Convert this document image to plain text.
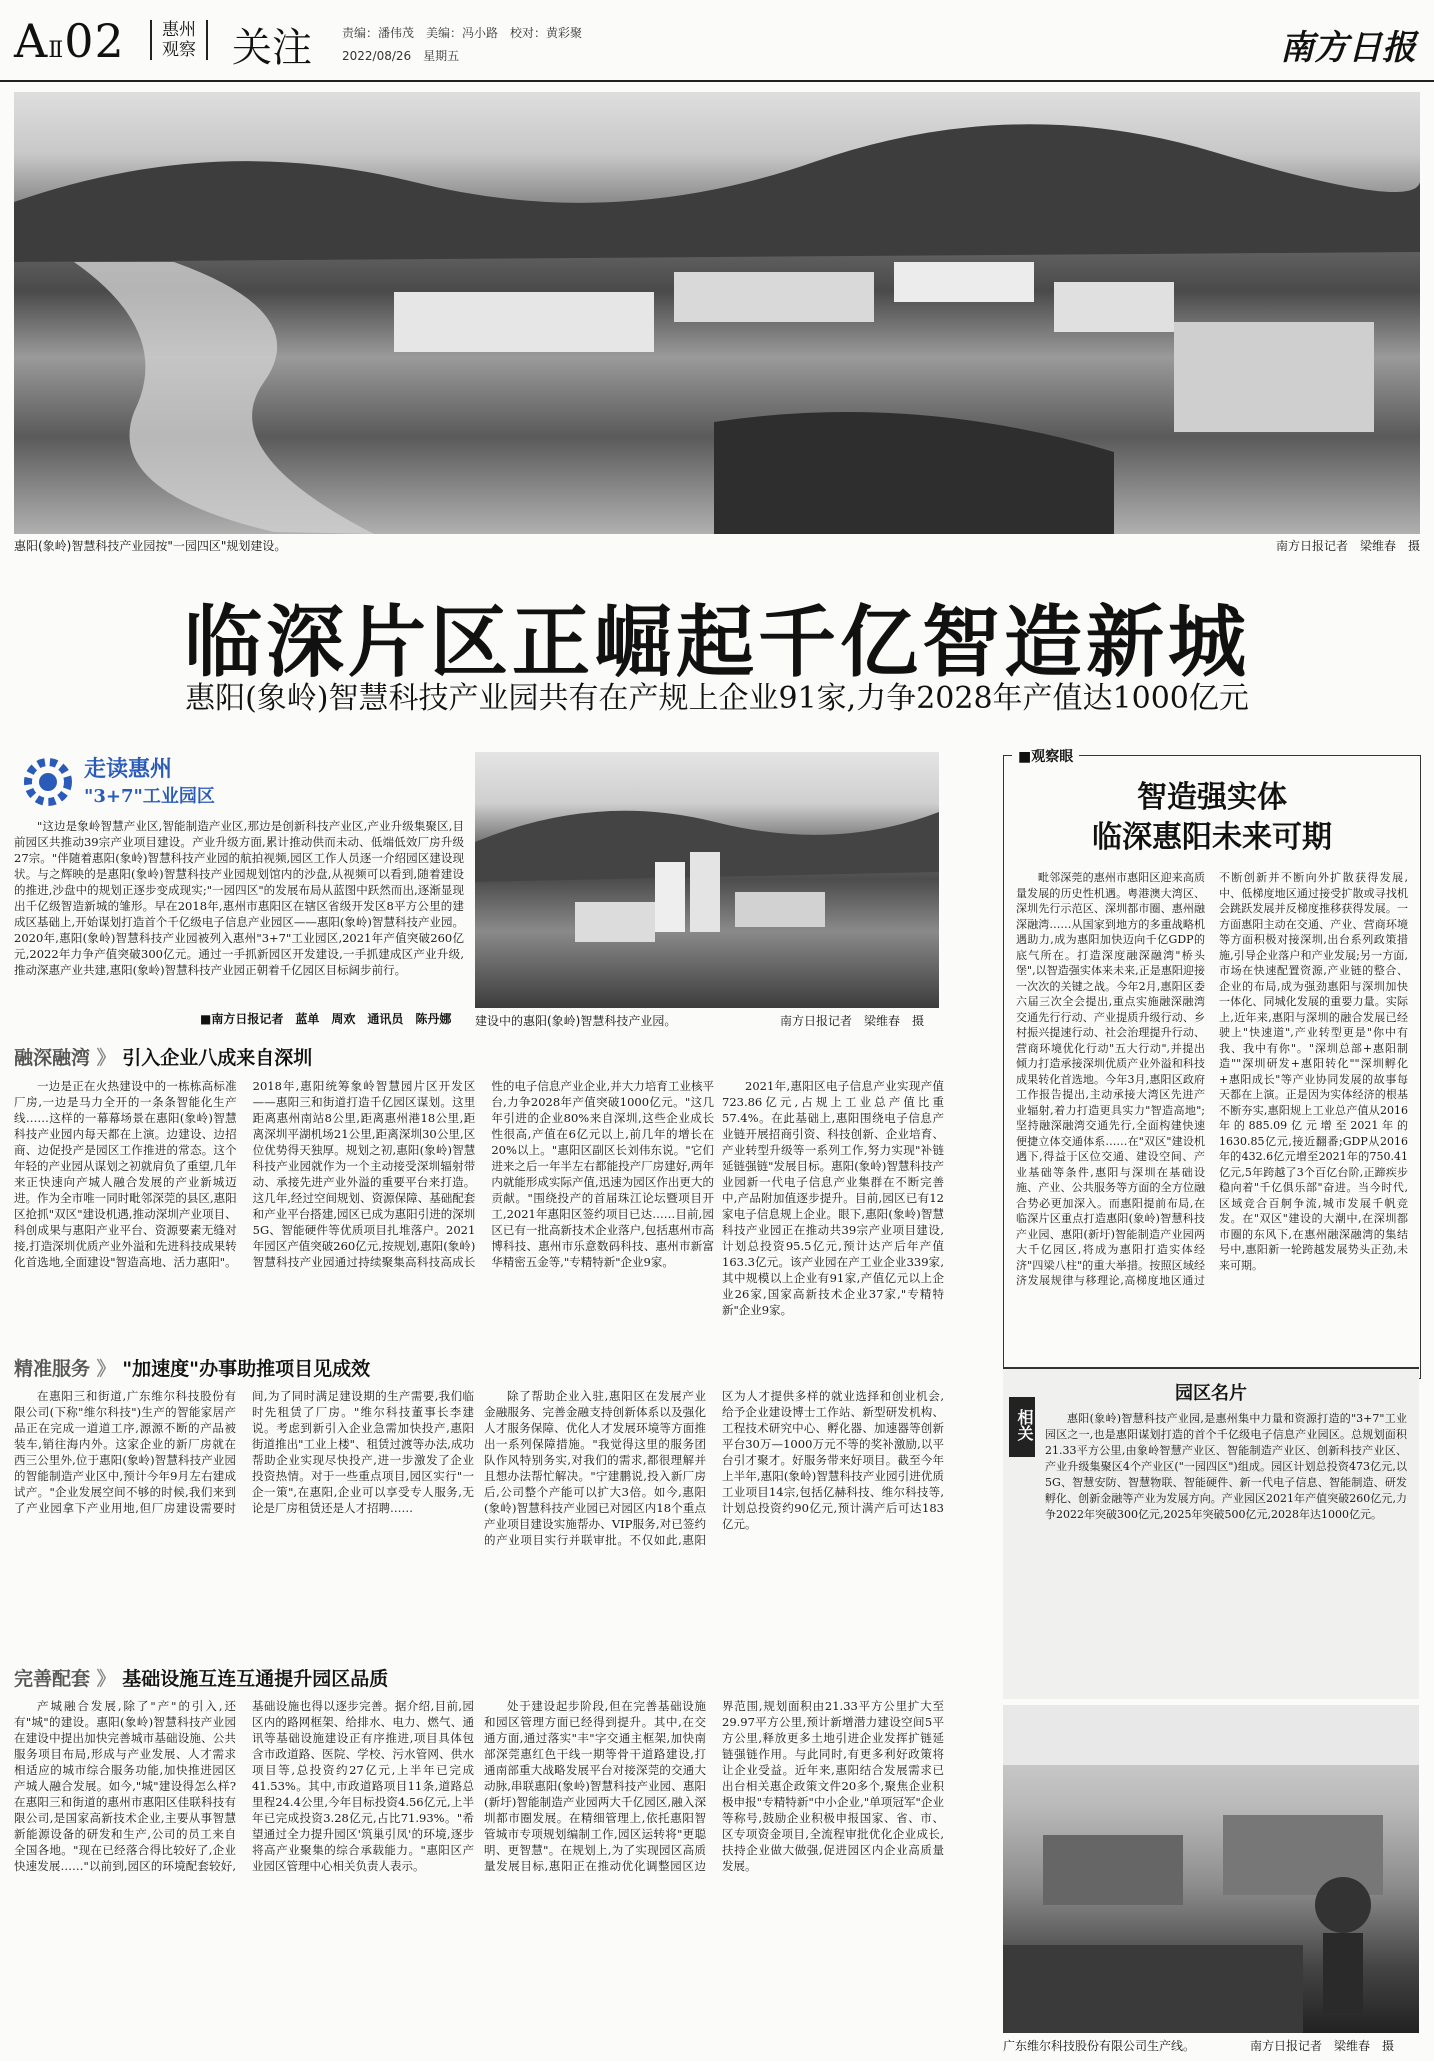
AⅡ02 惠州
观察 关注	责编：潘伟茂　美编：冯小路　校对：黄彩聚
2022/08/26　星期五	南方日报
惠阳(象岭)智慧科技产业园按"一园四区"规划建设。	南方日报记者　梁维春　摄
临深片区正崛起千亿智造新城
惠阳(象岭)智慧科技产业园共有在产规上企业91家,力争2028年产值达1000亿元
走读惠州
"3+7"工业园区

"这边是象岭智慧产业区,智能制造产业区,那边是创新科技产业区,产业升级集聚区,目前园区共推动39宗产业项目建设。产业升级方面,累计推动供而未动、低端低效厂房升级27宗。"伴随着惠阳(象岭)智慧科技产业园的航拍视频,园区工作人员逐一介绍园区建设现状。与之辉映的是惠阳(象岭)智慧科技产业园规划馆内的沙盘,从视频可以看到,随着建设的推进,沙盘中的规划正逐步变成现实;"一园四区"的发展布局从蓝图中跃然而出,逐渐显现出千亿级智造新城的雏形。早在2018年,惠州市惠阳区在辖区省级开发区8平方公里的建成区基础上,开始谋划打造首个千亿级电子信息产业园区——惠阳(象岭)智慧科技产业园。2020年,惠阳(象岭)智慧科技产业园被列入惠州"3+7"工业园区,2021年产值突破260亿元,2022年力争产值突破300亿元。通过一手抓新园区开发建设,一手抓建成区产业升级,推动深惠产业共建,惠阳(象岭)智慧科技产业园正朝着千亿园区目标阔步前行。

■南方日报记者　蓝单　周欢　通讯员　陈丹娜 建设中的惠阳(象岭)智慧科技产业园。	南方日报记者　梁维春　摄
融深融湾 》 引入企业八成来自深圳

一边是正在火热建设中的一栋栋高标准厂房,一边是马力全开的一条条智能化生产线……这样的一幕幕场景在惠阳(象岭)智慧科技产业园内每天都在上演。边建设、边招商、边促投产是园区工作推进的常态。这个年轻的产业园从谋划之初就肩负了重望,几年来正快速向产城人融合发展的产业新城迈进。作为全市唯一同时毗邻深莞的县区,惠阳区抢抓"双区"建设机遇,推动深圳产业项目、科创成果与惠阳产业平台、资源要素无缝对接,打造深圳优质产业外溢和先进科技成果转化首选地,全面建设"智造高地、活力惠阳"。2018年,惠阳统筹象岭智慧园片区开发区——惠阳三和街道打造千亿园区谋划。这里距离惠州南站8公里,距离惠州港18公里,距离深圳平湖机场21公里,距离深圳30公里,区位优势得天独厚。规划之初,惠阳(象岭)智慧科技产业园就作为一个主动接受深圳辐射带动、承接先进产业外溢的重要平台来打造。这几年,经过空间规划、资源保障、基础配套和产业平台搭建,园区已成为惠阳引进的深圳5G、智能硬件等优质项目扎堆落户。2021年园区产值突破260亿元,按规划,惠阳(象岭)智慧科技产业园通过持续聚集高科技高成长性的电子信息产业企业,并大力培育工业核平台,力争2028年产值突破1000亿元。"这几年引进的企业80%来自深圳,这些企业成长性很高,产值在6亿元以上,前几年的增长在20%以上。"惠阳区副区长刘伟东说。"它们进来之后一年半左右都能投产厂房建好,两年内就能形成实际产值,迅速为园区作出更大的贡献。"围绕投产的首届珠江论坛暨项目开工,2021年惠阳区签约项目已达……目前,园区已有一批高新技术企业落户,包括惠州市高博科技、惠州市乐意数码科技、惠州市新富华精密五金等,"专精特新"企业9家。

2021年,惠阳区电子信息产业实现产值723.86亿元,占规上工业总产值比重57.4%。在此基础上,惠阳围绕电子信息产业链开展招商引资、科技创新、企业培育、产业转型升级等一系列工作,努力实现"补链延链强链"发展目标。惠阳(象岭)智慧科技产业园新一代电子信息产业集群在不断完善中,产品附加值逐步提升。目前,园区已有12家电子信息规上企业。眼下,惠阳(象岭)智慧科技产业园正在推动共39宗产业项目建设,计划总投资95.5亿元,预计达产后年产值163.3亿元。该产业园在产工业企业339家,其中规模以上企业有91家,产值亿元以上企业26家,国家高新技术企业37家,"专精特新"企业9家。

精准服务 》 "加速度"办事助推项目见成效

在惠阳三和街道,广东维尔科技股份有限公司(下称"维尔科技")生产的智能家居产品正在完成一道道工序,源源不断的产品被装车,销往海内外。这家企业的新厂房就在西三公里外,位于惠阳(象岭)智慧科技产业园的智能制造产业区中,预计今年9月左右建成试产。"企业发展空间不够的时候,我们来到了产业园拿下产业用地,但厂房建设需要时间,为了同时满足建设期的生产需要,我们临时先租赁了厂房。"维尔科技董事长李建说。考虑到新引入企业急需加快投产,惠阳街道推出"工业上楼"、租赁过渡等办法,成功帮助企业实现尽快投产,进一步激发了企业投资热情。对于一些重点项目,园区实行"一企一策",在惠阳,企业可以享受专人服务,无论是厂房租赁还是人才招聘……

除了帮助企业入驻,惠阳区在发展产业金融服务、完善金融支持创新体系以及强化人才服务保障、优化人才发展环境等方面推出一系列保障措施。"我觉得这里的服务团队作风特别务实,对我们的需求,都很理解并且想办法帮忙解决。"宁建鹏说,投入新厂房后,公司整个产能可以扩大3倍。如今,惠阳(象岭)智慧科技产业园已对园区内18个重点产业项目建设实施帮办、VIP服务,对已签约的产业项目实行并联审批。不仅如此,惠阳区为人才提供多样的就业选择和创业机会,给予企业建设博士工作站、新型研发机构、工程技术研究中心、孵化器、加速器等创新平台30万—1000万元不等的奖补激励,以平台引才聚才。好服务带来好项目。截至今年上半年,惠阳(象岭)智慧科技产业园引进优质工业项目14宗,包括亿赫科技、维尔科技等,计划总投资约90亿元,预计满产后可达183亿元。

完善配套 》 基础设施互连互通提升园区品质

产城融合发展,除了"产"的引入,还有"城"的建设。惠阳(象岭)智慧科技产业园在建设中提出加快完善城市基础设施、公共服务项目布局,形成与产业发展、人才需求相适应的城市综合服务功能,加快推进园区产城人融合发展。如今,"城"建设得怎么样?在惠阳三和街道的惠州市惠阳区佳联科技有限公司,是国家高新技术企业,主要从事智慧新能源设备的研发和生产,公司的员工来自全国各地。"现在已经落合得比较好了,企业快速发展……"以前到,园区的环境配套较好,基础设施也得以逐步完善。据介绍,目前,园区内的路网框架、给排水、电力、燃气、通讯等基础设施建设正有序推进,项目具体包含市政道路、医院、学校、污水管网、供水项目等,总投资约27亿元,上半年已完成41.53%。其中,市政道路项目11条,道路总里程24.4公里,今年目标投资4.56亿元,上半年已完成投资3.28亿元,占比71.93%。"希望通过全力提升园区'筑巢引凤'的环境,逐步将高产业聚集的综合承载能力。"惠阳区产业园区管理中心相关负责人表示。

处于建设起步阶段,但在完善基础设施和园区管理方面已经得到提升。其中,在交通方面,通过落实"丰"字交通主框架,加快南部深莞惠红色干线一期等骨干道路建设,打通南部重大战略发展平台对接深莞的交通大动脉,串联惠阳(象岭)智慧科技产业园、惠阳(新圩)智能制造产业园两大千亿园区,融入深圳都市圈发展。在精细管理上,依托惠阳智管城市专项规划编制工作,园区运转将"更聪明、更智慧"。在规划上,为了实现园区高质量发展目标,惠阳正在推动优化调整园区边界范围,规划面积由21.33平方公里扩大至29.97平方公里,预计新增潜力建设空间5平方公里,释放更多土地引进企业发挥扩链延链强链作用。与此同时,有更多利好政策将让企业受益。近年来,惠阳结合发展需求已出台相关惠企政策文件20多个,聚焦企业积极申报"专精特新"中小企业,"单项冠军"企业等称号,鼓励企业积极申报国家、省、市、区专项资金项目,全流程审批优化企业成长,扶持企业做大做强,促进园区内企业高质量发展。

■观察眼
智造强实体
临深惠阳未来可期

毗邻深莞的惠州市惠阳区迎来高质量发展的历史性机遇。粤港澳大湾区、深圳先行示范区、深圳都市圈、惠州融深融湾……从国家到地方的多重战略机遇助力,成为惠阳加快迈向千亿GDP的底气所在。打造深度融深融湾"桥头堡",以智造强实体来未来,正是惠阳迎接一次次的关键之战。今年2月,惠阳区委六届三次全会提出,重点实施融深融湾交通先行行动、产业提质升级行动、乡村振兴提速行动、社会治理提升行动、营商环境优化行动"五大行动",并提出倾力打造承接深圳优质产业外溢和科技成果转化首选地。今年3月,惠阳区政府工作报告提出,主动承接大湾区先进产业辐射,着力打造更具实力"智造高地";坚持融深融湾交通先行,全面构建快速便捷立体交通体系……在"双区"建设机遇下,得益于区位交通、建设空间、产业基础等条件,惠阳与深圳在基础设施、产业、公共服务等方面的全方位融合势必更加深入。而惠阳提前布局,在临深片区重点打造惠阳(象岭)智慧科技产业园、惠阳(新圩)智能制造产业园两大千亿园区,将成为惠阳打造实体经济"四梁八柱"的重大举措。按照区域经济发展规律与移理论,高梯度地区通过不断创新并不断向外扩散获得发展,中、低梯度地区通过接受扩散或寻找机会跳跃发展并反梯度推移获得发展。一方面惠阳主动在交通、产业、营商环境等方面积极对接深圳,出台系列政策措施,引导企业落户和产业发展;另一方面,市场在快速配置资源,产业链的整合、企业的布局,成为强劲惠阳与深圳加快一体化、同城化发展的重要力量。实际上,近年来,惠阳与深圳的融合发展已经驶上"快速道",产业转型更是"你中有我、我中有你"。"深圳总部+惠阳制造""深圳研发+惠阳转化""深圳孵化+惠阳成长"等产业协同发展的故事每天都在上演。正是因为实体经济的根基不断夯实,惠阳规上工业总产值从2016年的885.09亿元增至2021年的1630.85亿元,接近翻番;GDP从2016年的432.6亿元增至2021年的750.41亿元,5年跨越了3个百亿台阶,正蹄疾步稳向着"千亿俱乐部"奋进。当今时代,区域竞合百舸争流,城市发展千帆竞发。在"双区"建设的大潮中,在深圳都市圈的东风下,在惠州融深融湾的集结号中,惠阳新一轮跨越发展势头正劲,未来可期。

相关
园区名片

惠阳(象岭)智慧科技产业园,是惠州集中力量和资源打造的"3+7"工业园区之一,也是惠阳谋划打造的首个千亿级电子信息产业园区。总规划面积21.33平方公里,由象岭智慧产业区、智能制造产业区、创新科技产业区、产业升级集聚区4个产业区("一园四区")组成。园区计划总投资473亿元,以5G、智慧安防、智慧物联、智能硬件、新一代电子信息、智能制造、研发孵化、创新金融等产业为发展方向。产业园区2021年产值突破260亿元,力争2022年突破300亿元,2025年突破500亿元,2028年达1000亿元。

广东维尔科技股份有限公司生产线。	南方日报记者　梁维春　摄
